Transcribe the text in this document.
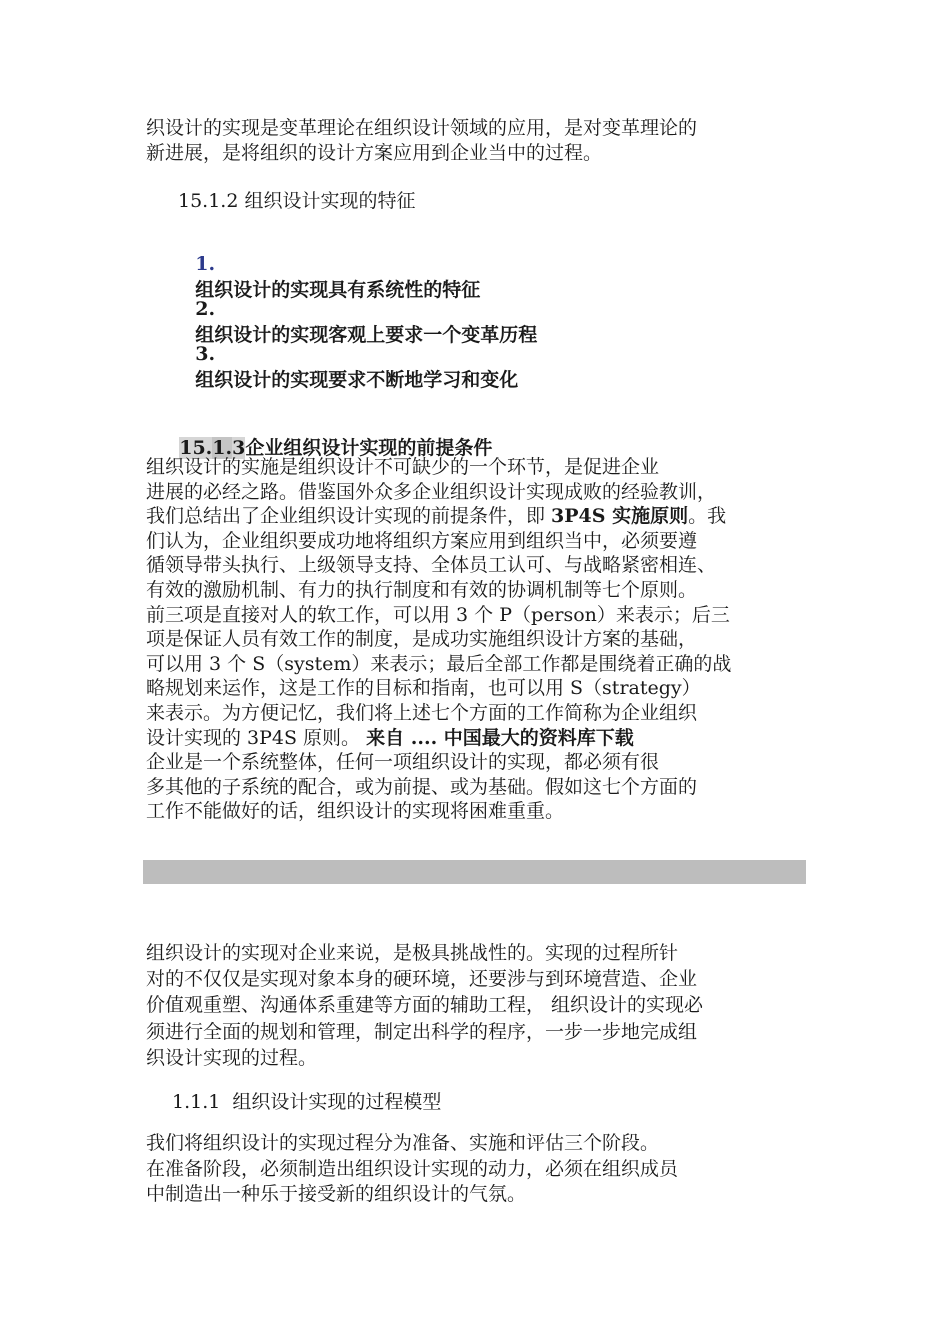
织设计的实现是变革理论在组织设计领域的应用，是对变革理论的
新进展，是将组织的设计方案应用到企业当中的过程。
15.1.2 组织设计实现的特征

1.
组织设计的实现具有系统性的特征

2.
组织设计的实现客观上要求一个变革历程

3.
组织设计的实现要求不断地学习和变化

15.1.3企业组织设计实现的前提条件

组织设计的实施是组织设计不可缺少的一个环节，是促进企业

进展的必经之路。借鉴国外众多企业组织设计实现成败的经验教训，

我们总结出了企业组织设计实现的前提条件，即 3P4S 实施原则。我

们认为，企业组织要成功地将组织方案应用到组织当中，必须要遵

循领导带头执行、上级领导支持、全体员工认可、与战略紧密相连、

有效的激励机制、有力的执行制度和有效的协调机制等七个原则。

前三项是直接对人的软工作，可以用 3 个 P（person）来表示；后三

项是保证人员有效工作的制度，是成功实施组织设计方案的基础，

可以用 3 个 S（system）来表示；最后全部工作都是围绕着正确的战

略规划来运作，这是工作的目标和指南，也可以用 S（strategy）

来表示。为方便记忆，我们将上述七个方面的工作简称为企业组织

设计实现的 3P4S 原则。 来自 .... 中国最大的资料库下载

企业是一个系统整体，任何一项组织设计的实现，都必须有很

多其他的子系统的配合，或为前提、或为基础。假如这七个方面的

工作不能做好的话，组织设计的实现将困难重重。

组织设计的实现对企业来说，是极具挑战性的。实现的过程所针

对的不仅仅是实现对象本身的硬环境，还要涉与到环境营造、企业

价值观重塑、沟通体系重建等方面的辅助工程， 组织设计的实现必

须进行全面的规划和管理，制定出科学的程序，一步一步地完成组

织设计实现的过程。

1.1.1  组织设计实现的过程模型

我们将组织设计的实现过程分为准备、实施和评估三个阶段。

在准备阶段，必须制造出组织设计实现的动力，必须在组织成员

中制造出一种乐于接受新的组织设计的气氛。
